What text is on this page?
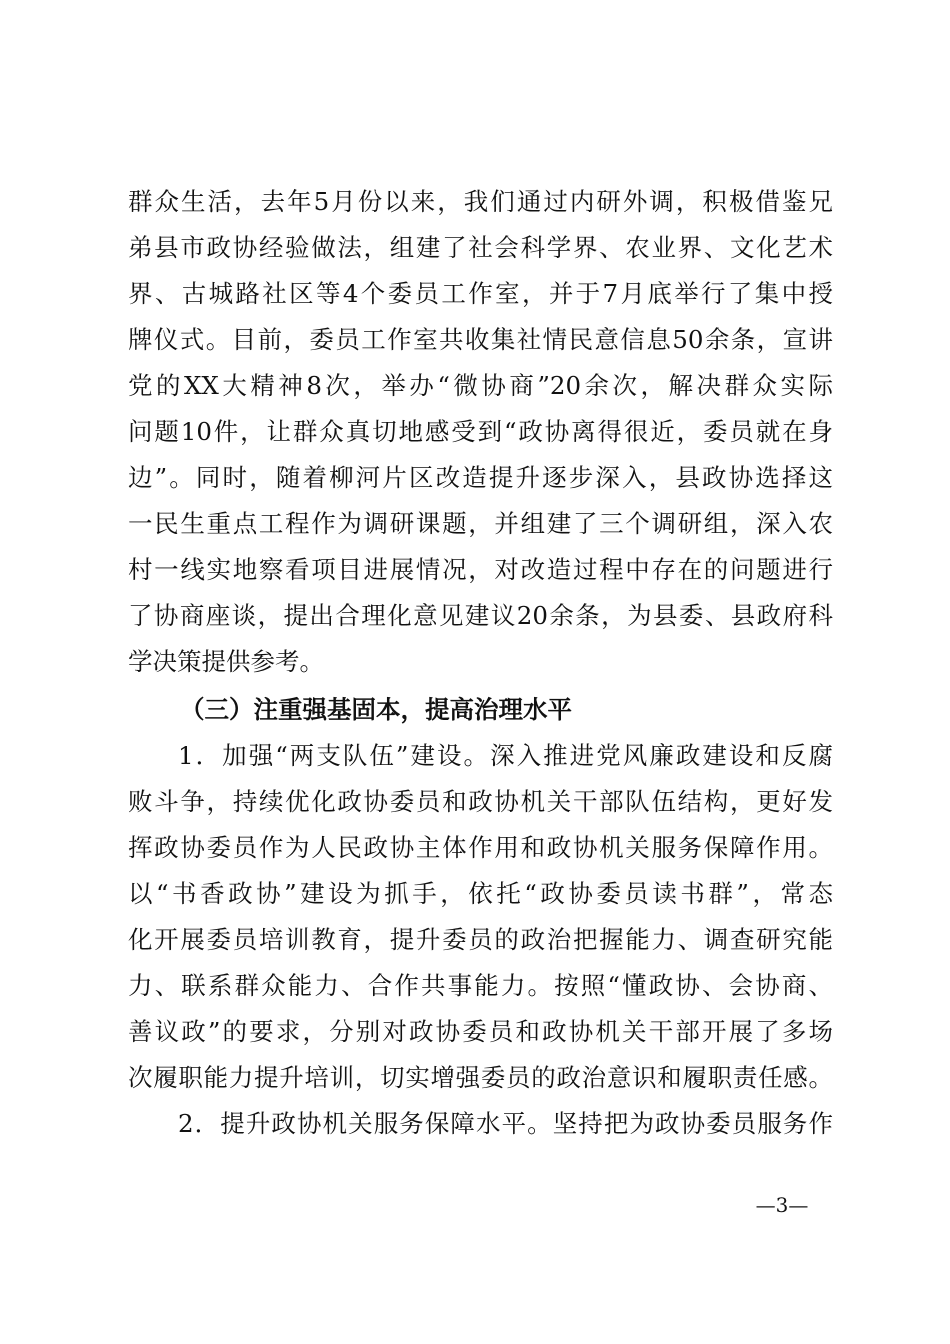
群众生活，去年5月份以来，我们通过内研外调，积极借鉴兄
弟县市政协经验做法，组建了社会科学界、农业界、文化艺术
界、古城路社区等4个委员工作室，并于7月底举行了集中授
牌仪式。目前，委员工作室共收集社情民意信息50余条，宣讲
党的XX大精神8次，举办“微协商”20余次，解决群众实际
问题10件，让群众真切地感受到“政协离得很近，委员就在身
边”。同时，随着柳河片区改造提升逐步深入，县政协选择这
一民生重点工程作为调研课题，并组建了三个调研组，深入农
村一线实地察看项目进展情况，对改造过程中存在的问题进行
了协商座谈，提出合理化意见建议20余条，为县委、县政府科
学决策提供参考。
（三）注重强基固本，提高治理水平
1．加强“两支队伍”建设。深入推进党风廉政建设和反腐
败斗争，持续优化政协委员和政协机关干部队伍结构，更好发
挥政协委员作为人民政协主体作用和政协机关服务保障作用。
以“书香政协”建设为抓手，依托“政协委员读书群”，常态
化开展委员培训教育，提升委员的政治把握能力、调查研究能
力、联系群众能力、合作共事能力。按照“懂政协、会协商、
善议政”的要求，分别对政协委员和政协机关干部开展了多场
次履职能力提升培训，切实增强委员的政治意识和履职责任感。
2．提升政协机关服务保障水平。坚持把为政协委员服务作
—3—
